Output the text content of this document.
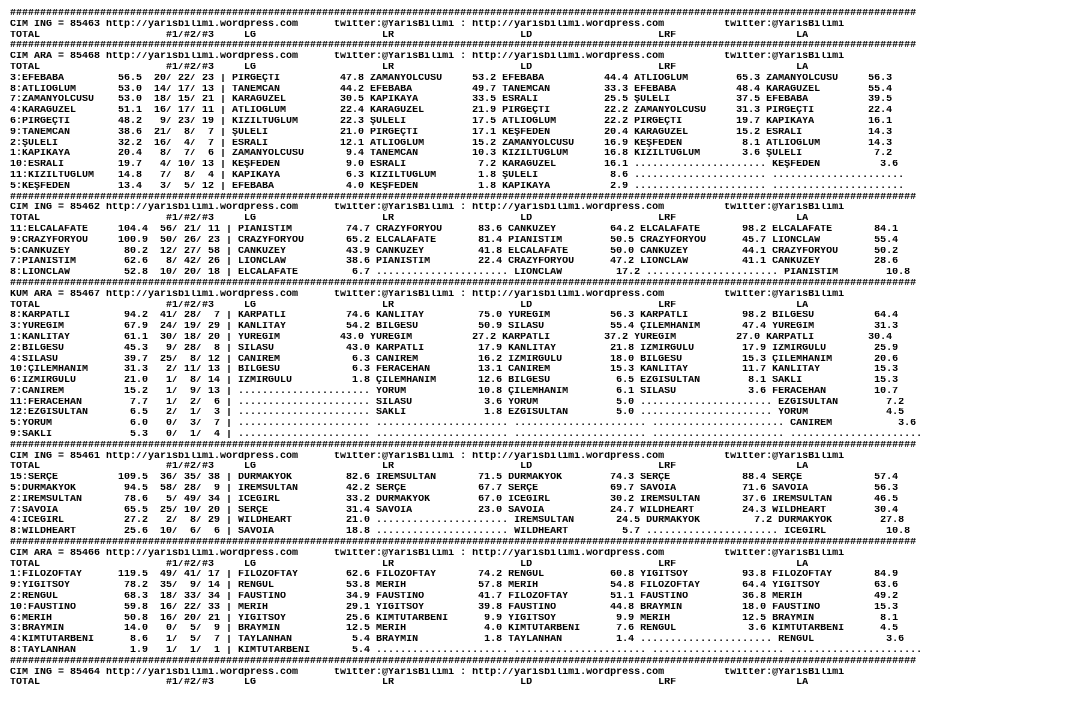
#######################################################################################################################################################
CIM ING = 85463 http://yarisbilimi.wordpress.com      twitter:@YarisBilimi : http://yarisbilimi.wordpress.com          twitter:@YarisBilimi
TOTAL                     #1/#2/#3     LG                     LR                     LD                     LRF                    LA
#######################################################################################################################################################
CIM ARA = 85468 http://yarisbilimi.wordpress.com      twitter:@YarisBilimi : http://yarisbilimi.wordpress.com          twitter:@YarisBilimi
TOTAL                     #1/#2/#3     LG                     LR                     LD                     LRF                    LA
3:EFEBABA         56.5  20/ 22/ 23 | PİRGEÇTİ          47.8 ZAMANYOLCUSU     53.2 EFEBABA          44.4 ATLIOĞLUM        65.3 ZAMANYOLCUSU     56.3
8:ATLIOĞLUM       53.0  14/ 17/ 13 | TANEMCAN          44.2 EFEBABA          49.7 TANEMCAN         33.3 EFEBABA          48.4 KARAGÜZEL        55.4
7:ZAMANYOLCUSU    53.0  18/ 15/ 21 | KARAGÜZEL         30.5 KAPIKAYA         33.5 ESRALI           25.5 ŞULELİ           37.5 EFEBABA          39.5
4:KARAGÜZEL       51.1  16/ 17/ 11 | ATLIOĞLUM         22.4 KARAGÜZEL        21.9 PİRGEÇTİ         22.2 ZAMANYOLCUSU     31.3 PİRGEÇTİ         22.4
6:PİRGEÇTİ        48.2   9/ 23/ 19 | KIZILTUĞLUM       22.3 ŞULELİ           17.5 ATLIOĞLUM        22.2 PİRGEÇTİ         19.7 KAPIKAYA         16.1
9:TANEMCAN        38.6  21/  8/  7 | ŞULELİ            21.0 PİRGEÇTİ         17.1 KEŞFEDEN         20.4 KARAGÜZEL        15.2 ESRALI           14.3
2:ŞULELİ          32.2  16/  4/  7 | ESRALI            12.1 ATLIOĞLUM        15.2 ZAMANYOLCUSU     16.9 KEŞFEDEN          8.1 ATLIOĞLUM        14.3
1:KAPIKAYA        20.4   8/  7/  6 | ZAMANYOLCUSU       9.4 TANEMCAN         10.3 KIZILTUĞLUM      16.8 KIZILTUĞLUM       3.6 ŞULELİ            7.2
10:ESRALI         19.7   4/ 10/ 13 | KEŞFEDEN           9.0 ESRALI            7.2 KARAGÜZEL        16.1 ...................... KEŞFEDEN          3.6
11:KIZILTUĞLUM    14.8   7/  8/  4 | KAPIKAYA           6.3 KIZILTUĞLUM       1.8 ŞULELİ            8.6 ...................... ......................
5:KEŞFEDEN        13.4   3/  5/ 12 | EFEBABA            4.0 KEŞFEDEN          1.8 KAPIKAYA          2.9 ...................... ......................
#######################################################################################################################################################
CIM ING = 85462 http://yarisbilimi.wordpress.com      twitter:@YarisBilimi : http://yarisbilimi.wordpress.com          twitter:@YarisBilimi
TOTAL                     #1/#2/#3     LG                     LR                     LD                     LRF                    LA
11:ELCALAFATE     104.4  56/ 21/ 11 | PİANİSTİM         74.7 CRAZYFORYOU      83.6 CANKUZEY         64.2 ELCALAFATE       98.2 ELCALAFATE       84.1
9:CRAZYFORYOU     100.9  50/ 26/ 23 | CRAZYFORYOU       65.2 ELCALAFATE       81.4 PİANİSTİM        50.5 CRAZYFORYOU      45.7 LIONCLAW         55.4
5:CANKUZEY         80.2  12/ 27/ 58 | CANKUZEY          43.9 CANKUZEY         41.8 ELCALAFATE       50.0 CANKUZEY         44.1 CRAZYFORYOU      50.2
7:PİANİSTİM        62.6   8/ 42/ 26 | LIONCLAW          38.6 PİANİSTİM        22.4 CRAZYFORYOU      47.2 LIONCLAW         41.1 CANKUZEY         28.6
8:LIONCLAW         52.8  10/ 20/ 18 | ELCALAFATE         6.7 ...................... LIONCLAW         17.2 ...................... PİANİSTİM        10.8
#######################################################################################################################################################
KUM ARA = 85467 http://yarisbilimi.wordpress.com      twitter:@YarisBilimi : http://yarisbilimi.wordpress.com          twitter:@YarisBilimi
TOTAL                     #1/#2/#3     LG                     LR                     LD                     LRF                    LA
8:KARPATLI         94.2  41/ 28/  7 | KARPATLI          74.6 KANLITAY         75.0 YÜREĞİM          56.3 KARPATLI         98.2 BİLGESU          64.4
3:YÜREĞİM          67.9  24/ 19/ 29 | KANLITAY          54.2 BİLGESU          50.9 SILASU           55.4 ÇİLEMHANIM       47.4 YÜREĞİM          31.3
1:KANLITAY         61.1  30/ 18/ 20 | YÜREĞİM          43.0 YÜREĞİM          27.2 KARPATLI         37.2 YÜREĞİM          27.0 KARPATLI         30.4
2:BİLGESU          45.3   9/ 28/  8 | SILASU            43.0 KARPATLI         17.9 KANLITAY         21.8 İZMİRGÜLÜ        17.9 İZMİRGÜLÜ        25.9
4:SILASU           39.7  25/  8/ 12 | CANİREM            6.3 CANİREM          16.2 İZMİRGÜLÜ        18.0 BİLGESU          15.3 ÇİLEMHANIM       20.6
10:ÇİLEMHANIM      31.3   2/ 11/ 13 | BİLGESU            6.3 FERACEHAN        13.1 CANİREM          15.3 KANLITAY         11.7 KANLITAY         15.3
6:İZMİRGÜLÜ        21.0   1/  8/ 14 | İZMİRGÜLÜ          1.8 ÇİLEMHANIM       12.6 BİLGESU           6.5 EZGİSULTAN        8.1 SAKLI            15.3
7:CANİREM          15.2   1/  9/ 13 | ...................... YORUM            10.8 ÇİLEMHANIM        6.1 SILASU            3.6 FERACEHAN        10.7
11:FERACEHAN        7.7   1/  2/  6 | ...................... SILASU            3.6 YORUM             5.0 ...................... EZGİSULTAN        7.2
12:EZGİSULTAN       6.5   2/  1/  3 | ...................... SAKLI             1.8 EZGİSULTAN        5.0 ...................... YORUM             4.5
5:YORUM             6.0   0/  3/  7 | ...................... ...................... ...................... ...................... CANİREM           3.6
9:SAKLI             5.3   0/  1/  4 | ...................... ...................... ...................... ...................... ......................
#######################################################################################################################################################
CIM ING = 85461 http://yarisbilimi.wordpress.com      twitter:@YarisBilimi : http://yarisbilimi.wordpress.com          twitter:@YarisBilimi
TOTAL                     #1/#2/#3     LG                     LR                     LD                     LRF                    LA
15:SERÇE          109.5  36/ 35/ 38 | DURMAKYOK         82.6 İREMSULTAN       71.5 DURMAKYOK        74.3 SERÇE            88.4 SERÇE            57.4
5:DURMAKYOK        94.5  58/ 28/  9 | İREMSULTAN        42.2 SERÇE            67.7 SERÇE            69.7 SAVOİA           71.6 SAVOİA           56.3
2:İREMSULTAN       78.6   5/ 49/ 34 | ICEGIRL           33.2 DURMAKYOK        67.0 ICEGIRL          30.2 İREMSULTAN       37.6 İREMSULTAN       46.5
7:SAVOİA           65.5  25/ 10/ 20 | SERÇE             31.4 SAVOİA           23.0 SAVOİA           24.7 WILDHEART        24.3 WILDHEART        30.4
4:ICEGIRL          27.2   2/  8/ 29 | WILDHEART         21.0 ...................... İREMSULTAN       24.5 DURMAKYOK         7.2 DURMAKYOK        27.8
8:WILDHEART        25.6  10/  6/  6 | SAVOİA            18.8 ...................... WILDHEART         5.7 ...................... ICEGIRL          10.8
#######################################################################################################################################################
CIM ARA = 85466 http://yarisbilimi.wordpress.com      twitter:@YarisBilimi : http://yarisbilimi.wordpress.com          twitter:@YarisBilimi
TOTAL                     #1/#2/#3     LG                     LR                     LD                     LRF                    LA
1:FİLOZOFTAY      119.5  49/ 41/ 17 | FİLOZOFTAY        62.6 FİLOZOFTAY       74.2 RENGÜL           60.8 YİĞİTSOY         93.8 FİLOZOFTAY       84.9
9:YİĞİTSOY         78.2  35/  9/ 14 | RENGÜL            53.8 MERİH            57.8 MERİH            54.8 FİLOZOFTAY       64.4 YİĞİTSOY         63.6
2:RENGÜL           68.3  18/ 33/ 34 | FAUSTİNO          34.9 FAUSTİNO         41.7 FİLOZOFTAY       51.1 FAUSTİNO         36.8 MERİH            49.2
10:FAUSTİNO        59.8  16/ 22/ 33 | MERİH             29.1 YİĞİTSOY         39.8 FAUSTİNO         44.8 BRAYMIN          18.0 FAUSTİNO         15.3
6:MERİH            50.8  16/ 20/ 21 | YİĞİTSOY          25.6 KİMTUTARBENİ      9.9 YİĞİTSOY          9.9 MERİH            12.5 BRAYMIN           8.1
3:BRAYMIN          14.0   0/  5/  9 | BRAYMIN           12.5 MERİH             4.0 KİMTUTARBENİ      7.6 RENGÜL            3.6 KİMTUTARBENİ      4.5
4:KİMTUTARBENİ      8.6   1/  5/  7 | TAYLANHAN          5.4 BRAYMIN           1.8 TAYLANHAN         1.4 ...................... RENGÜL            3.6
8:TAYLANHAN         1.9   1/  1/  1 | KİMTUTARBENİ       5.4 ...................... ...................... ...................... ......................
#######################################################################################################################################################
CIM ING = 85464 http://yarisbilimi.wordpress.com      twitter:@YarisBilimi : http://yarisbilimi.wordpress.com          twitter:@YarisBilimi
TOTAL                     #1/#2/#3     LG                     LR                     LD                     LRF                    LA
